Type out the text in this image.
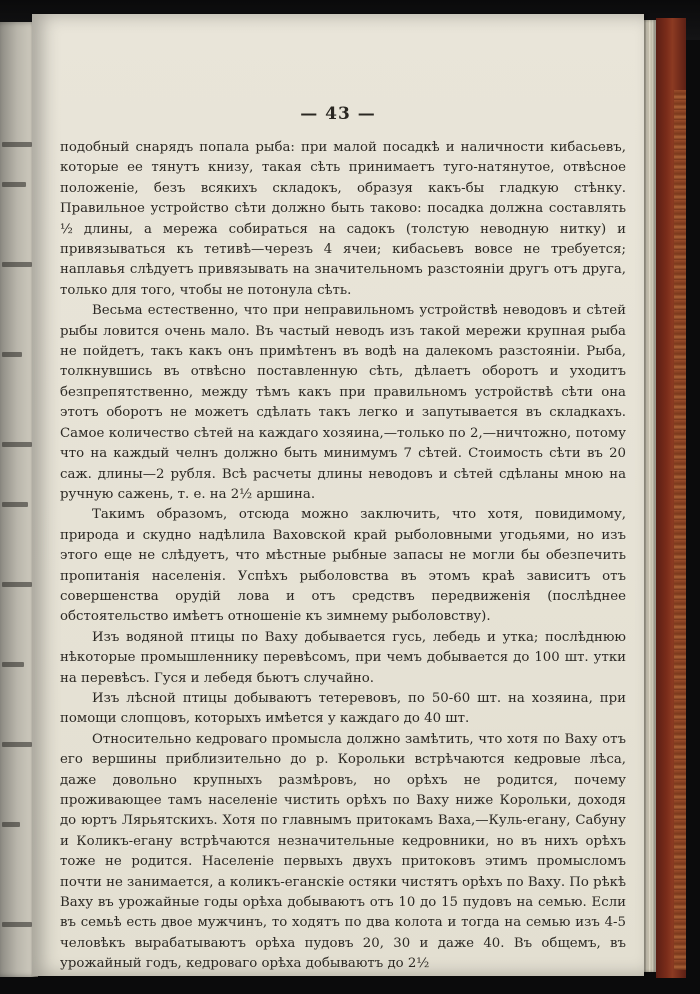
— 43 —

подобный снарядъ попала рыба: при малой посадкѣ и наличности кибасьевъ, которые ее тянутъ книзу, такая сѣть принимаетъ туго-натянутое, отвѣсное положеніе, безъ всякихъ складокъ, образуя какъ-бы гладкую стѣнку. Правильное устройство сѣти должно быть таково: посадка должна составлять ½ длины, а мережа собираться на садокъ (толстую неводную нитку) и привязываться къ тетивѣ—черезъ 4 ячеи; кибасьевъ вовсе не требуется; наплавья слѣдуетъ привязывать на значительномъ разстояніи другъ отъ друга, только для того, чтобы не потонула сѣть.

Весьма естественно, что при неправильномъ устройствѣ неводовъ и сѣтей рыбы ловится очень мало. Въ частый неводъ изъ такой мережи крупная рыба не пойдетъ, такъ какъ онъ примѣтенъ въ водѣ на далекомъ разстояніи. Рыба, толкнувшись въ отвѣсно поставленную сѣть, дѣлаетъ оборотъ и уходитъ безпрепятственно, между тѣмъ какъ при правильномъ устройствѣ сѣти она этотъ оборотъ не можетъ сдѣлать такъ легко и запутывается въ складкахъ. Самое количество сѣтей на каждаго хозяина,—только по 2,—ничтожно, потому что на каждый челнъ должно быть минимумъ 7 сѣтей. Стоимость сѣти въ 20 саж. длины—2 рубля. Всѣ расчеты длины неводовъ и сѣтей сдѣланы мною на ручную сажень, т. е. на 2½ аршина.

Такимъ образомъ, отсюда можно заключить, что хотя, повидимому, природа и скудно надѣлила Ваховской край рыболовными угодьями, но изъ этого еще не слѣдуетъ, что мѣстные рыбные запасы не могли бы обезпечить пропитанія населенія. Успѣхъ рыболовства въ этомъ краѣ зависитъ отъ совершенства орудій лова и отъ средствъ передвиженія (послѣднее обстоятельство имѣетъ отношеніе къ зимнему рыболовству).

Изъ водяной птицы по Ваху добывается гусь, лебедь и утка; послѣднюю нѣкоторые промышленнику перевѣсомъ, при чемъ добывается до 100 шт. утки на перевѣсъ. Гуся и лебедя бьютъ случайно.

Изъ лѣсной птицы добываютъ тетеревовъ, по 50-60 шт. на хозяина, при помощи слопцовъ, которыхъ имѣется у каждаго до 40 шт.

Относительно кедроваго промысла должно замѣтить, что хотя по Ваху отъ его вершины приблизительно до р. Корольки встрѣчаются кедровые лѣса, даже довольно крупныхъ размѣровъ, но орѣхъ не родится, почему проживающее тамъ населеніе чистить орѣхъ по Ваху ниже Корольки, доходя до юртъ Лярьятскихъ. Хотя по главнымъ притокамъ Ваха,—Куль-егану, Сабуну и Коликъ-егану встрѣчаются незначительные кедровники, но въ нихъ орѣхъ тоже не родится. Населеніе первыхъ двухъ притоковъ этимъ промысломъ почти не занимается, а коликъ-еганскіе остяки чистятъ орѣхъ по Ваху. По рѣкѣ Ваху въ урожайные годы орѣха добываютъ отъ 10 до 15 пудовъ на семью. Если въ семьѣ есть двое мужчинъ, то ходятъ по два колота и тогда на семью изъ 4-5 человѣкъ вырабатываютъ орѣха пудовъ 20, 30 и даже 40. Въ общемъ, въ урожайный годъ, кедроваго орѣха добываютъ до 2½
